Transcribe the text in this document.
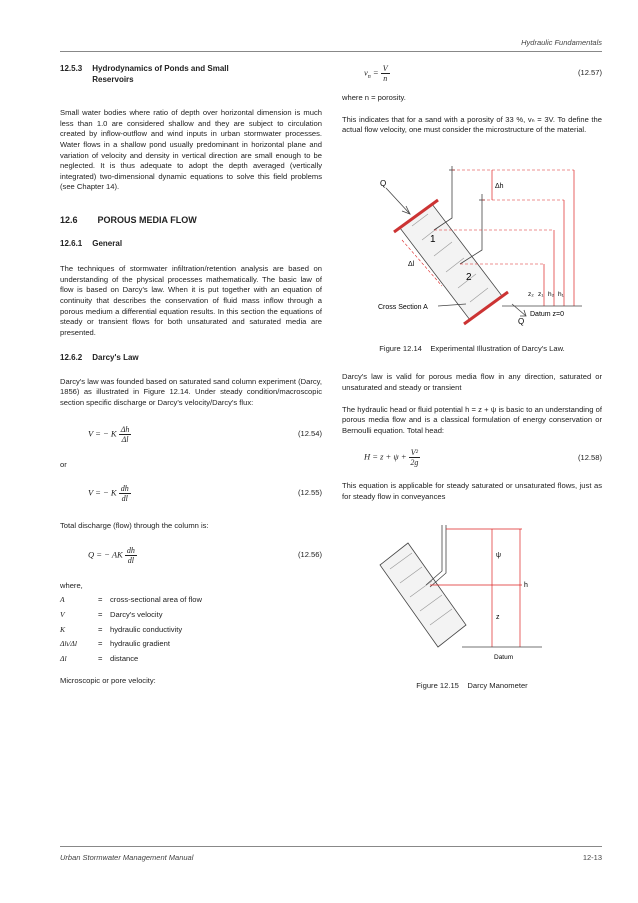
Hydraulic Fundamentals
12.5.3 Hydrodynamics of Ponds and Small Reservoirs

Small water bodies where ratio of depth over horizontal dimension is much less than 1.0 are considered shallow and they are subject to circulation created by inflow-outflow and wind inputs in urban stormwater processes. Water flows in a shallow pond usually predominant in horizontal plane and variation of velocity and density in vertical direction are small enough to be neglected. It is thus adequate to adopt the depth averaged (vertically integrated) two-dimensional dynamic equations to solve this field problems (see Chapter 14).

12.6 POROUS MEDIA FLOW
12.6.1 General

The techniques of stormwater infiltration/retention analysis are based on understanding of the physical processes mathematically. The basic law of flow is based on Darcy's law. When it is put together with an equation of continuity that describes the conservation of fluid mass inflow through a porous medium a differential equation results. In this section the equations of steady or transient flows for both unsaturated and saturated media are presented.

12.6.2 Darcy's Law

Darcy's law was founded based on saturated sand column experiment (Darcy, 1856) as illustrated in Figure 12.14. Under steady condition/macroscopic section specific discharge or Darcy's velocity/Darcy's flux:

V = − K $\frac{\Delta h}{\Delta l}$	(12.54)
or
V = − K $\frac{dh}{dl}$	(12.55)
Total discharge (flow) through the column is:
Q = − AK $\frac{dh}{dl}$	(12.56)
where,
A	= cross-sectional area of flow
V	= Darcy's velocity
K	= hydraulic conductivity
Δh/Δl	= hydraulic gradient
Δl	= distance
Microscopic or pore velocity:
$v_n = \frac{V}{n}$	(12.57)
where n = porosity.

This indicates that for a sand with a porosity of 33 %, vₙ = 3V. To define the actual flow velocity, one must consider the microstructure of the material.

Q
Q
1
2
Δh
Δl
z₂ z₁ h₂ h₁
Datum z=0
Cross Section A
Figure 12.14 Experimental Illustration of Darcy's Law.

Darcy's law is valid for porous media flow in any direction, saturated or unsaturated and steady or transient

The hydraulic head or fluid potential h = z + ψ is basic to an understanding of porous media flow and is a classical formulation of energy conservation or Bernoulli equation. Total head:

$H = z + \psi + \frac{\text{V²}}{2g}$	(12.58)

This equation is applicable for steady saturated or unsaturated flows, just as for steady flow in conveyances

ψ
h
z
Datum
Figure 12.15 Darcy Manometer
Urban Stormwater Management Manual	12-13
